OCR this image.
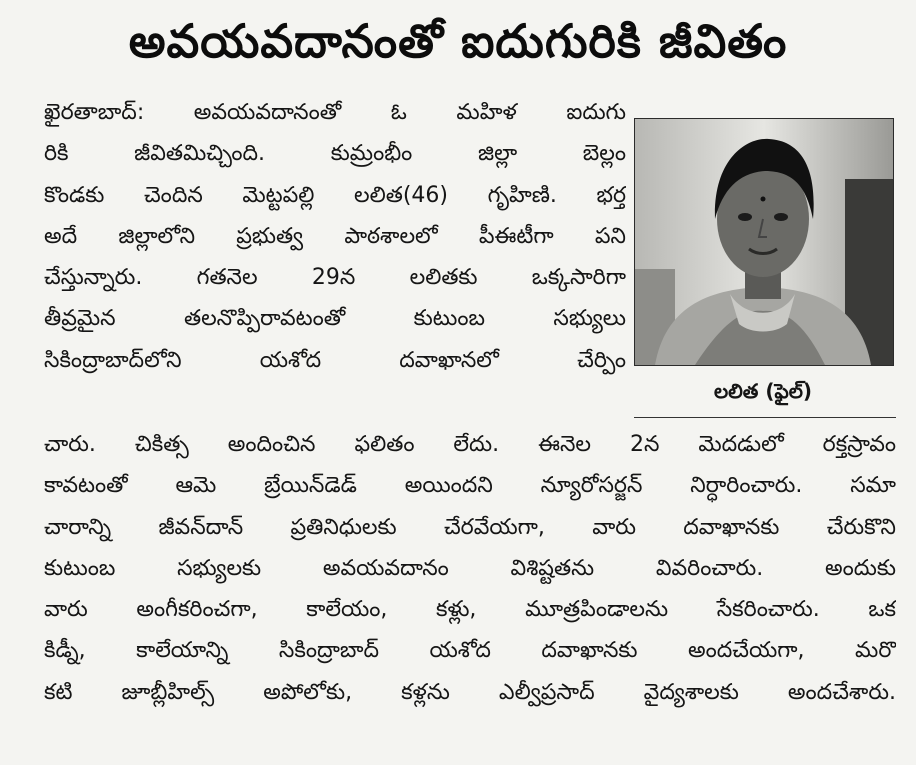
అవయవదానంతో ఐదుగురికి జీవితం
ఖైరతాబాద్: అవయవదానంతో ఓ మహిళ ఐదుగు
రికి జీవితమిచ్చింది. కుమ్రంభీం జిల్లా బెల్లం
కొండకు చెందిన మెట్టపల్లి లలిత(46) గృహిణి. భర్త
అదే జిల్లాలోని ప్రభుత్వ పాఠశాలలో పీఈటీగా పని
చేస్తున్నారు. గతనెల 29న లలితకు ఒక్కసారిగా
తీవ్రమైన తలనొప్పిరావటంతో కుటుంబ సభ్యులు
సికింద్రాబాద్‌లోని యశోద దవాఖానలో చేర్పిం
లలిత (ఫైల్)
చారు. చికిత్స అందించిన ఫలితం లేదు. ఈనెల 2న మెదడులో రక్తస్రావం
కావటంతో ఆమె బ్రేయిన్‌డెడ్ అయిందని న్యూరోసర్జన్ నిర్ధారించారు. సమా
చారాన్ని జీవన్‌దాన్ ప్రతినిధులకు చేరవేయగా, వారు దవాఖానకు చేరుకొని
కుటుంబ సభ్యులకు అవయవదానం విశిష్టతను వివరించారు. అందుకు
వారు అంగీకరించగా, కాలేయం, కళ్లు, మూత్రపిండాలను సేకరించారు. ఒక
కిడ్నీ, కాలేయాన్ని సికింద్రాబాద్ యశోద దవాఖానకు అందచేయగా, మరొ
కటి జూబ్లీహిల్స్ అపోలోకు, కళ్లను ఎల్వీప్రసాద్ వైద్యశాలకు అందచేశారు.
